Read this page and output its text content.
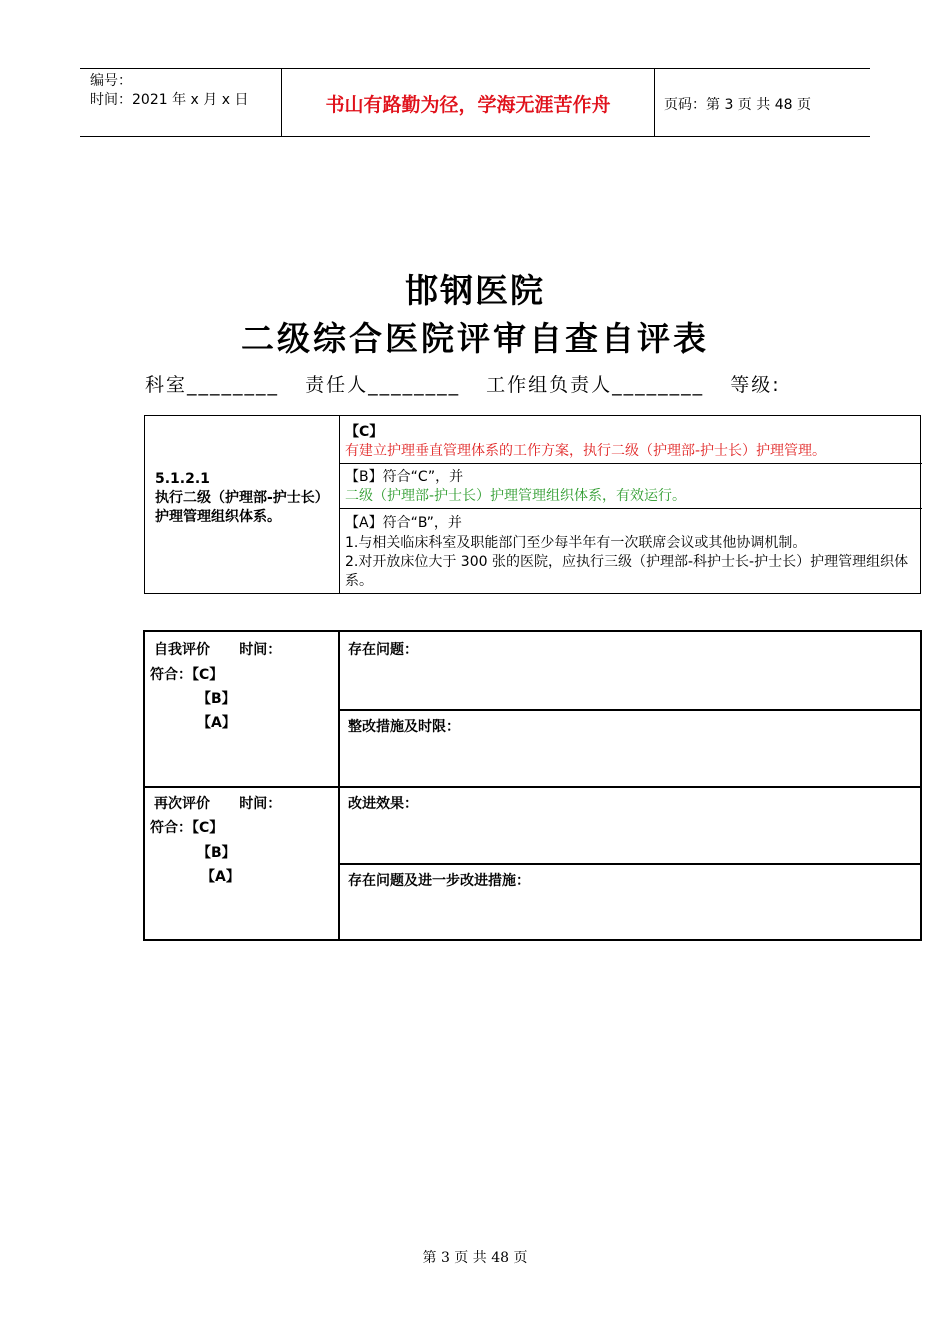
编号：
时间：2021 年 x 月 x 日	书山有路勤为径，学海无涯苦作舟	页码：第 3 页 共 48 页
邯钢医院
二级综合医院评审自查自评表
科室________ 责任人________ 工作组负责人________ 等级:
5.1.2.1
执行二级（护理部-护士长）护理管理组织体系。
【C】
有建立护理垂直管理体系的工作方案，执行二级（护理部-护士长）护理管理。
【B】符合“C”，并
二级（护理部-护士长）护理管理组织体系，有效运行。
【A】符合“B”，并
1.与相关临床科室及职能部门至少每半年有一次联席会议或其他协调机制。
2.对开放床位大于 300 张的医院，应执行三级（护理部-科护士长-护士长）护理管理组织体系。
自我评价      时间：
符合：【C】
【B】
【A】
存在问题：
整改措施及时限：
再次评价      时间：
符合：【C】
【B】
【A】
改进效果：
存在问题及进一步改进措施：
第 3 页 共 48 页
